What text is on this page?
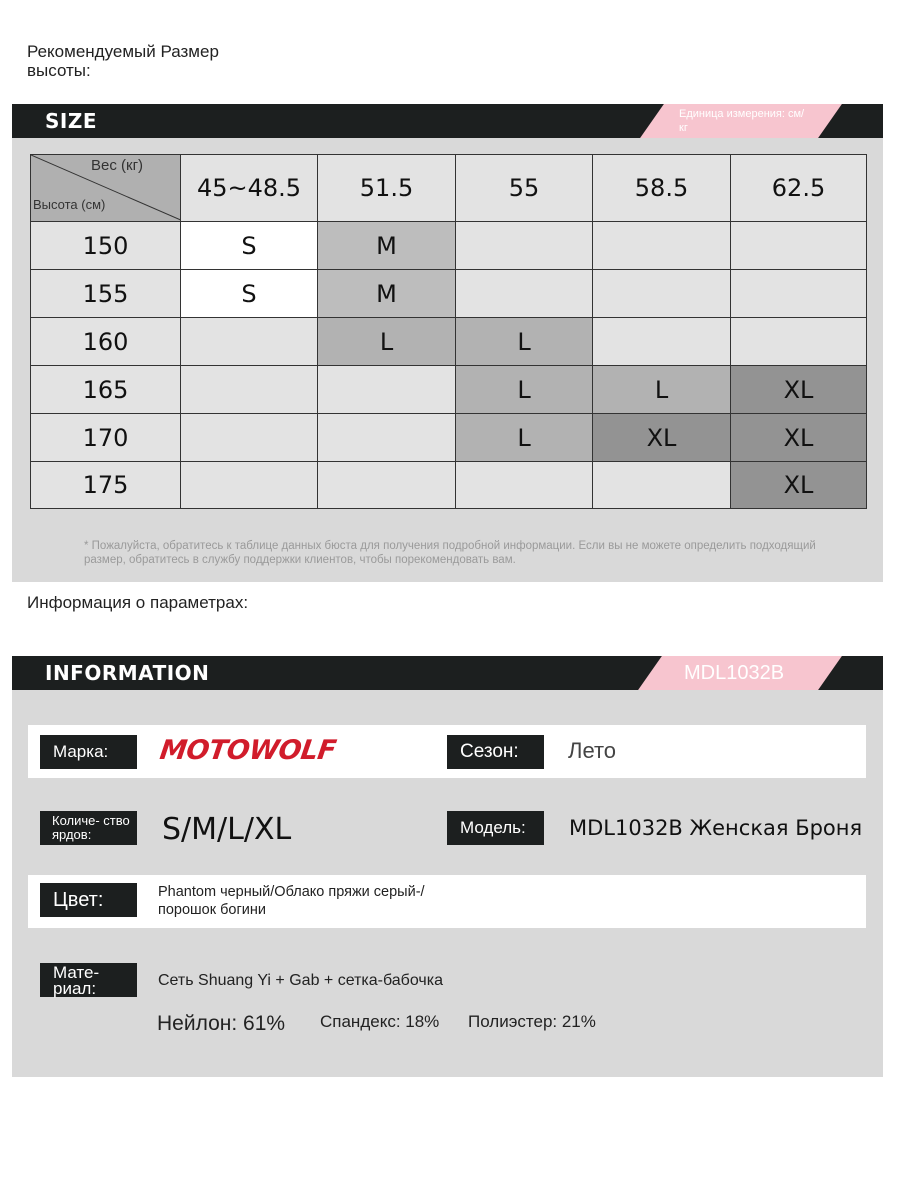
Рекомендуемый Размер высоты:
SIZE	Единица измерения: см/кг
Вес (кг)
Высота (см)	45~48.5	51.5	55	58.5	62.5
150	S	M			
155	S	M			
160		L	L		
165			L	L	XL
170			L	XL	XL
175					XL
* Пожалуйста, обратитесь к таблице данных бюста для получения подробной информации. Если вы не можете определить подходящий размер, обратитесь в службу поддержки клиентов, чтобы порекомендовать вам.
Информация о параметрах:
INFORMATION	MDL1032B
Марка:	MOTOWOLF	Сезон:	Лето
Количе- ство ярдов:	S/M/L/XL	Модель:	MDL1032B Женская Броня
Цвет:	Phantom черный/Облако пряжи серый-/порошок богини
Мате- риал:	Сеть Shuang Yi + Gab + сетка-бабочка
Нейлон: 61% Спандекс: 18% Полиэстер: 21%
